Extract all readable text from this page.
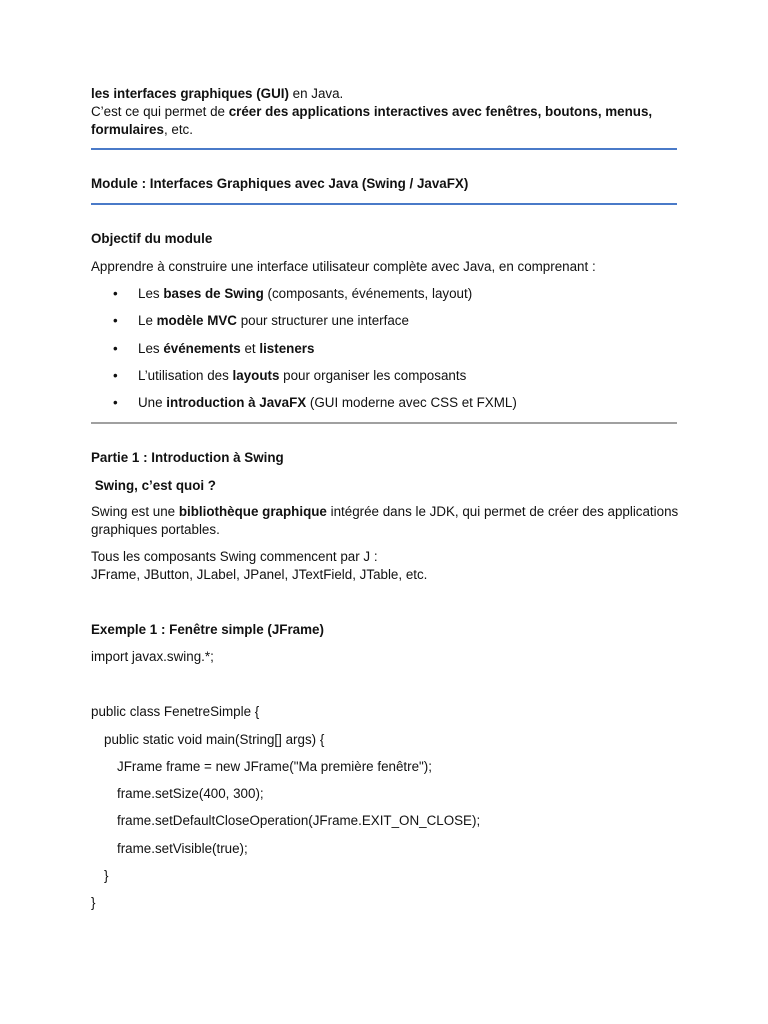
les interfaces graphiques (GUI) en Java.
C’est ce qui permet de créer des applications interactives avec fenêtres, boutons, menus,
formulaires, etc.

Module : Interfaces Graphiques avec Java (Swing / JavaFX)

Objectif du module

Apprendre à construire une interface utilisateur complète avec Java, en comprenant :

• Les bases de Swing (composants, événements, layout)
• Le modèle MVC pour structurer une interface
• Les événements et listeners
• L’utilisation des layouts pour organiser les composants
• Une introduction à JavaFX (GUI moderne avec CSS et FXML)

Partie 1 : Introduction à Swing

Swing, c’est quoi ?

Swing est une bibliothèque graphique intégrée dans le JDK, qui permet de créer des applications
graphiques portables.

Tous les composants Swing commencent par J :
JFrame, JButton, JLabel, JPanel, JTextField, JTable, etc.

Exemple 1 : Fenêtre simple (JFrame)

import javax.swing.*;
public class FenetreSimple {
public static void main(String[] args) {
JFrame frame = new JFrame("Ma première fenêtre");
frame.setSize(400, 300);
frame.setDefaultCloseOperation(JFrame.EXIT_ON_CLOSE);
frame.setVisible(true);
}
}
